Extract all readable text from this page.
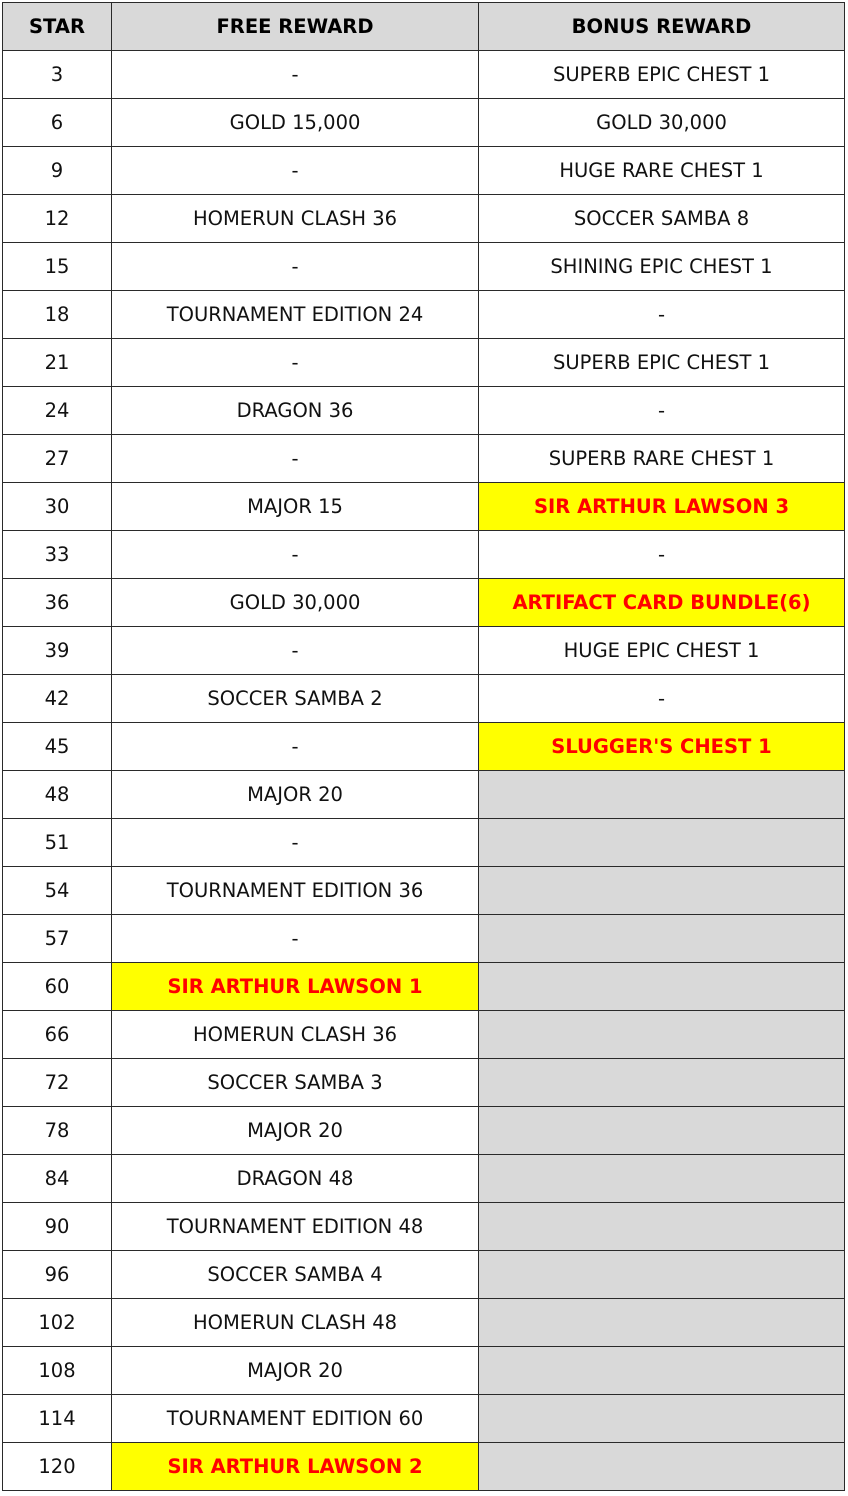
STAR	FREE REWARD	BONUS REWARD
3	-	SUPERB EPIC CHEST 1
6	GOLD 15,000	GOLD 30,000
9	-	HUGE RARE CHEST 1
12	HOMERUN CLASH 36	SOCCER SAMBA 8
15	-	SHINING EPIC CHEST 1
18	TOURNAMENT EDITION 24	-
21	-	SUPERB EPIC CHEST 1
24	DRAGON 36	-
27	-	SUPERB RARE CHEST 1
30	MAJOR 15	SIR ARTHUR LAWSON 3
33	-	-
36	GOLD 30,000	ARTIFACT CARD BUNDLE(6)
39	-	HUGE EPIC CHEST 1
42	SOCCER SAMBA 2	-
45	-	SLUGGER'S CHEST 1
48	MAJOR 20	
51	-	
54	TOURNAMENT EDITION 36	
57	-	
60	SIR ARTHUR LAWSON 1	
66	HOMERUN CLASH 36	
72	SOCCER SAMBA 3	
78	MAJOR 20	
84	DRAGON 48	
90	TOURNAMENT EDITION 48	
96	SOCCER SAMBA 4	
102	HOMERUN CLASH 48	
108	MAJOR 20	
114	TOURNAMENT EDITION 60	
120	SIR ARTHUR LAWSON 2	
